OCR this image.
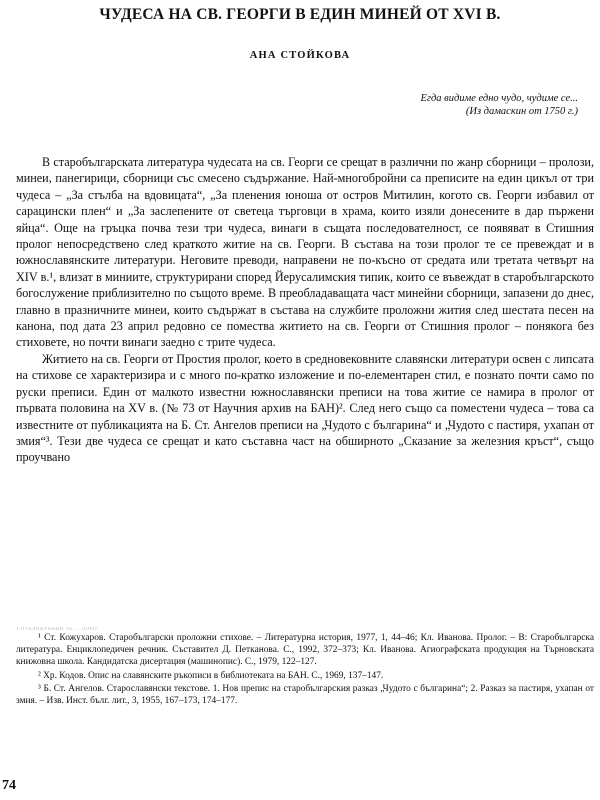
ЧУДЕСА НА СВ. ГЕОРГИ В ЕДИН МИНЕЙ ОТ XVI В.
АНА СТОЙКОВА
Егда видиме едно чудо, чудиме се...
(Из дамаскин от 1750 г.)

В старобългарската литература чудесата на св. Георги се срещат в различни по жанр сборници – пролози, минеи, панегирици, сборници със смесено съдържание. Най-многобройни са преписите на един цикъл от три чудеса – „За стълба на вдовицата“, „За пленения юноша от остров Митилин, когото св. Георги избавил от сарацински плен“ и „За заслепените от светеца търговци в храма, които изяли донесените в дар пържени яйца“. Още на гръцка почва тези три чудеса, винаги в същата последователност, се появяват в Стишния пролог непосредствено след краткото житие на св. Георги. В състава на този пролог те се превеждат и в южнославянските литератури. Неговите преводи, направени не по-късно от средата или третата четвърт на XIV в.¹, влизат в миниите, структурирани според Йерусалимския типик, които се въвеждат в старобългарското богослужение приблизително по същото време. В преобладаващата част минейни сборници, запазени до днес, главно в празничните минеи, които съдържат в състава на службите проложни жития след шестата песен на канона, под дата 23 април редовно се помества житието на св. Георги от Стишния пролог – понякога без стиховете, но почти винаги заедно с трите чудеса.

Житието на св. Георги от Простия пролог, което в средновековните славянски литератури освен с липсата на стихове се характеризира и с много по-кратко изложение и по-елементарен стил, е познато почти само по руски преписи. Един от малкото известни южнославянски преписи на това житие се намира в пролог от първата половина на XV в. (№ 73 от Научния архив на БАН)². След него също са поместени чудеса – това са известните от публикацията на Б. Ст. Ангелов преписи на „Чудото с българина“ и „Чудото с пастиря, ухапан от змия“³. Тези две чудеса се срещат и като съставна част на обширното „Сказание за железния кръст“, също проучвано

1 ПУБЛИКУВАНИ ЗА ... ПОРО

¹ Ст. Кожухаров. Старобългарски проложни стихове. – Литературна история, 1977, 1, 44–46; Кл. Иванова. Пролог. – В: Старобългарска литература. Енциклопедичен речник. Съставител Д. Петканова. С., 1992, 372–373; Кл. Иванова. Агиографската продукция на Търновската книжовна школа. Кандидатска дисертация (машинопис). С., 1979, 122–127.

² Хр. Кодов. Опис на славянските ръкописи в библиотеката на БАН. С., 1969, 137–147.

³ Б. Ст. Ангелов. Старославянски текстове. 1. Нов препис на старобългарския разказ „Чудото с българина“; 2. Разказ за пастиря, ухапан от змия. – Изв. Инст. бълг. лит., 3, 1955, 167–173, 174–177.

74
